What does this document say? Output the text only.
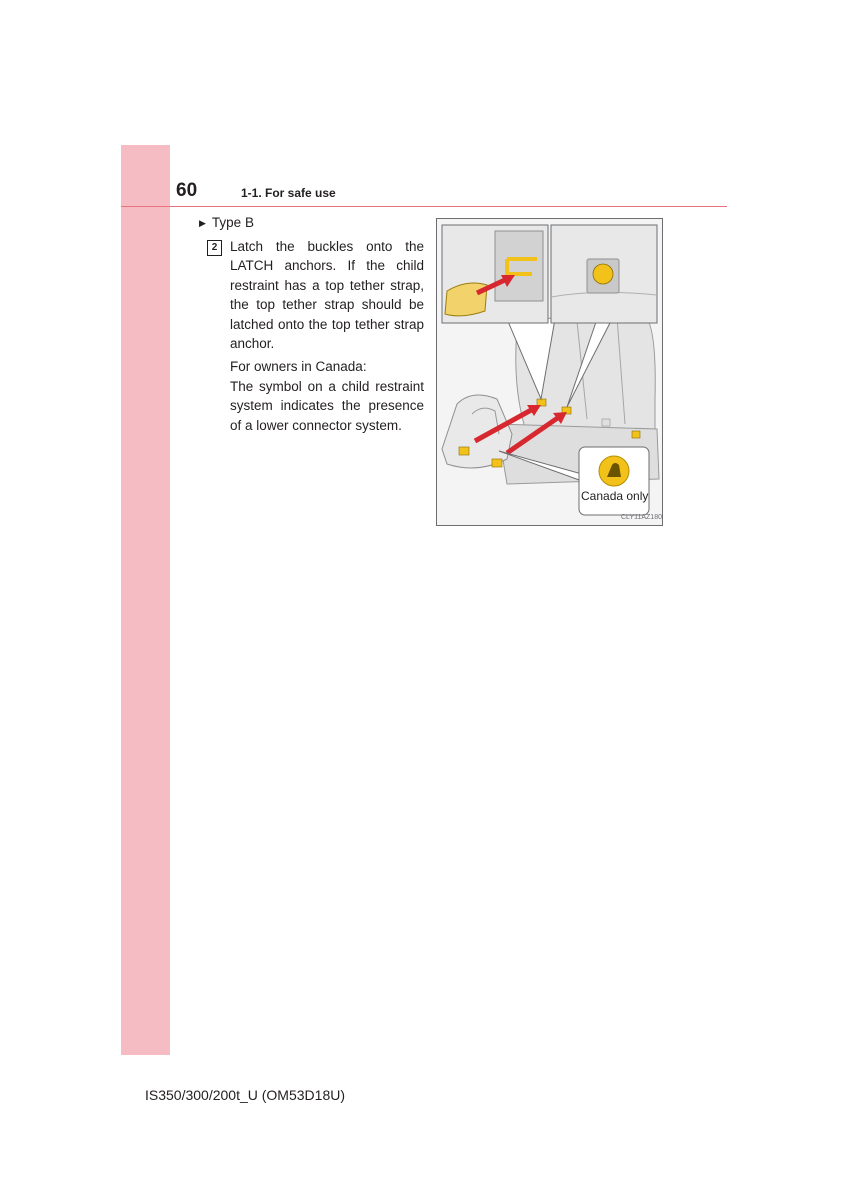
60	1-1. For safe use
▶ Type B
2 Latch the buckles onto the LATCH anchors. If the child restraint has a top tether strap, the top tether strap should be latched onto the top tether strap anchor.
For owners in Canada:
The symbol on a child restraint system indicates the presence of a lower connector system.
Canada only
CLY11AZ180
IS350/300/200t_U (OM53D18U)
